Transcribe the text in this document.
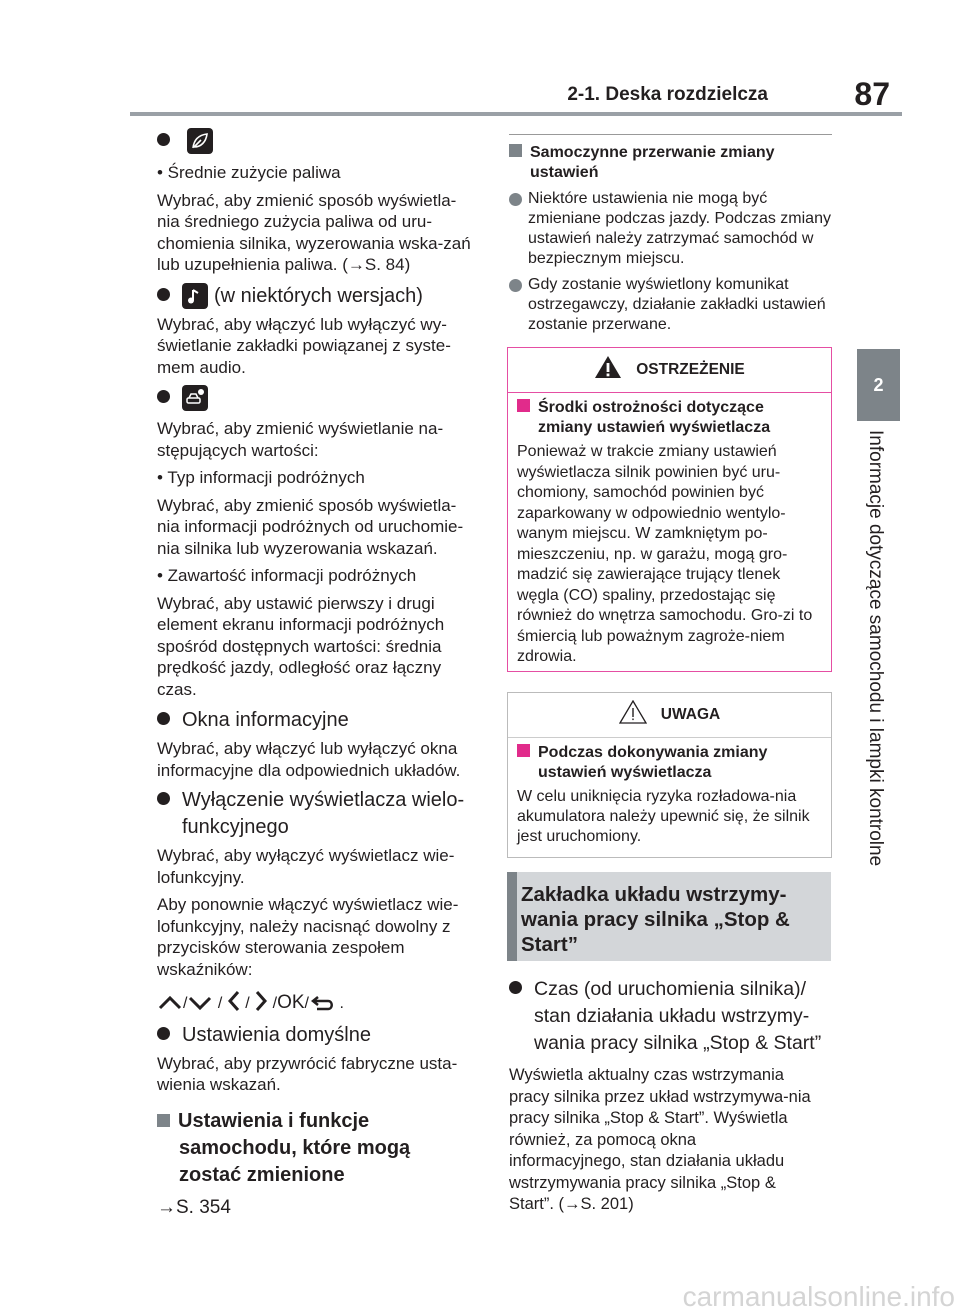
2-1. Deska rozdzielcza	87
2
Informacje dotyczące samochodu i lampki kontrolne

• Średnie zużycie paliwa
Wybrać, aby zmienić sposób wyświetla-nia średniego zużycia paliwa od uru-chomienia silnika, wyzerowania wska-zań lub uzupełnienia paliwa. (→S. 84)
(w niektórych wersjach)
Wybrać, aby włączyć lub wyłączyć wy-świetlanie zakładki powiązanej z syste-mem audio.
Wybrać, aby zmienić wyświetlanie na-stępujących wartości:
• Typ informacji podróżnych
Wybrać, aby zmienić sposób wyświetla-nia informacji podróżnych od uruchomie-nia silnika lub wyzerowania wskazań.
• Zawartość informacji podróżnych
Wybrać, aby ustawić pierwszy i drugi element ekranu informacji podróżnych spośród dostępnych wartości: średnia prędkość jazdy, odległość oraz łączny czas.
Okna informacyjne
Wybrać, aby włączyć lub wyłączyć okna informacyjne dla odpowiednich układów.
Wyłączenie wyświetlacza wielo-
funkcyjnego
Wybrać, aby wyłączyć wyświetlacz wie-lofunkcyjny.
Aby ponownie włączyć wyświetlacz wie-lofunkcyjny, należy nacisnąć dowolny z przycisków sterowania zespołem wskaźników:
/ / / /OK/ .
Ustawienia domyślne
Wybrać, aby przywrócić fabryczne usta-wienia wskazań.
Ustawienia i funkcje
samochodu, które mogą
zostać zmienione
→S. 354
Samoczynne przerwanie zmiany
ustawień
Niektóre ustawienia nie mogą być zmieniane podczas jazdy. Podczas zmiany ustawień należy zatrzymać samochód w bezpiecznym miejscu.
Gdy zostanie wyświetlony komunikat ostrzegawczy, działanie zakładki ustawień zostanie przerwane.
OSTRZEŻENIE
Środki ostrożności dotyczące
zmiany ustawień wyświetlacza
Ponieważ w trakcie zmiany ustawień wyświetlacza silnik powinien być uru-chomiony, samochód powinien być zaparkowany w odpowiednio wentylo-wanym miejscu. W zamkniętym po-mieszczeniu, np. w garażu, mogą gro-madzić się zawierające trujący tlenek węgla (CO) spaliny, przedostając się również do wnętrza samochodu. Gro-zi to śmiercią lub poważnym zagroże-niem zdrowia.
UWAGA
Podczas dokonywania zmiany
ustawień wyświetlacza
W celu uniknięcia ryzyka rozładowa-nia akumulatora należy upewnić się, że silnik jest uruchomiony.
Zakładka układu wstrzymy-
wania pracy silnika „Stop &
Start”
Czas (od uruchomienia silnika)/
stan działania układu wstrzymy-
wania pracy silnika „Stop & Start”
Wyświetla aktualny czas wstrzymania pracy silnika przez układ wstrzymywa-nia pracy silnika „Stop & Start”. Wyświetla również, za pomocą okna informacyjnego, stan działania układu wstrzymywania pracy silnika „Stop & Start”. (→S. 201)
carmanualsonline.info
